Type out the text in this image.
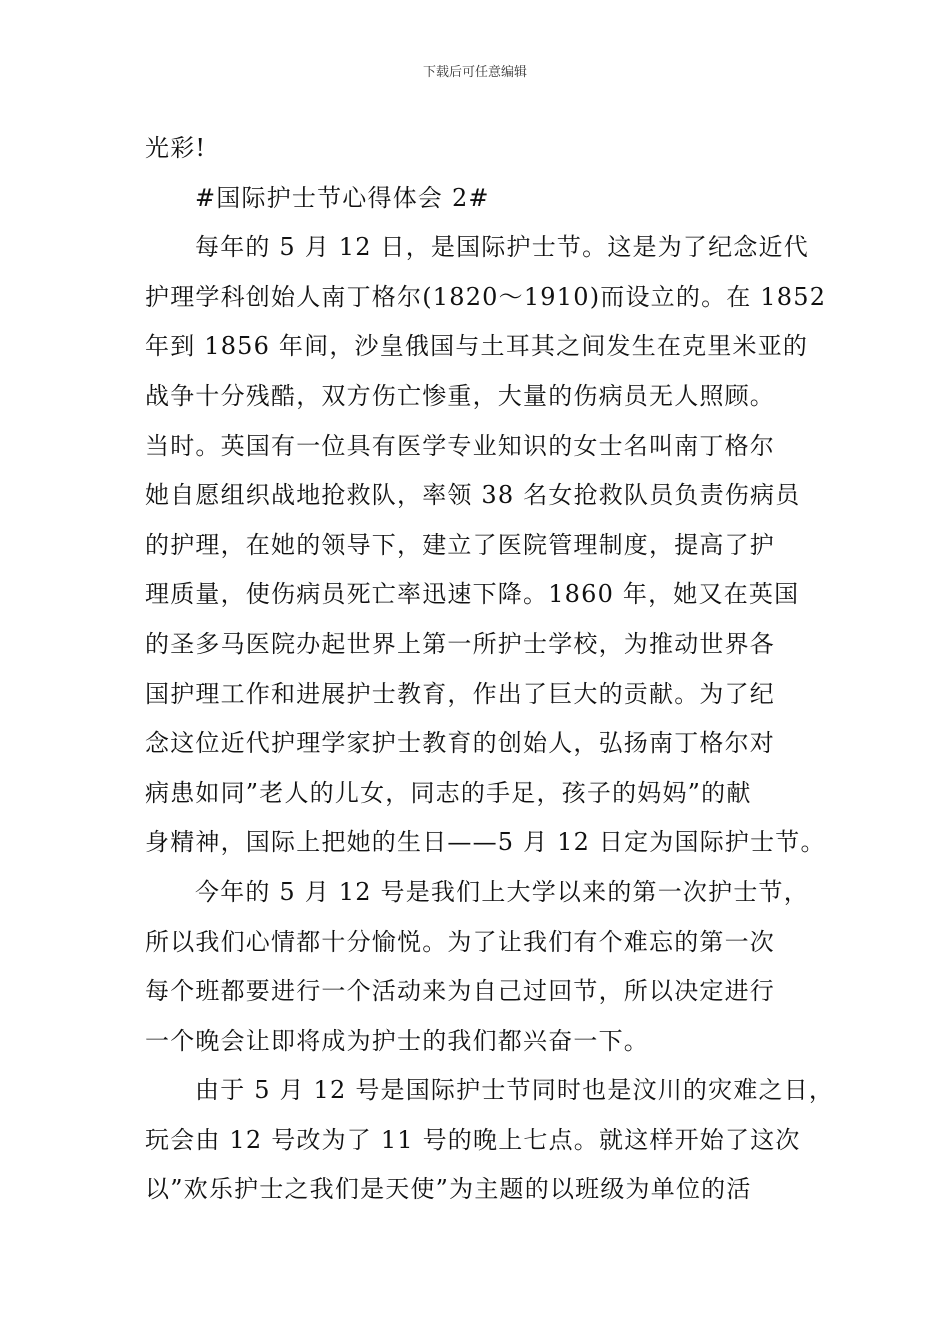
下载后可任意编辑
光彩!
#国际护士节心得体会 2#
每年的 5 月 12 日，是国际护士节。这是为了纪念近代
护理学科创始人南丁格尔(1820～1910)而设立的。在 1852
年到 1856 年间，沙皇俄国与土耳其之间发生在克里米亚的
战争十分残酷，双方伤亡惨重，大量的伤病员无人照顾。
当时。英国有一位具有医学专业知识的女士名叫南丁格尔
她自愿组织战地抢救队，率领 38 名女抢救队员负责伤病员
的护理，在她的领导下，建立了医院管理制度，提高了护
理质量，使伤病员死亡率迅速下降。1860 年，她又在英国
的圣多马医院办起世界上第一所护士学校，为推动世界各
国护理工作和进展护士教育，作出了巨大的贡献。为了纪
念这位近代护理学家护士教育的创始人，弘扬南丁格尔对
病患如同”老人的儿女，同志的手足，孩子的妈妈”的献
身精神，国际上把她的生日——5 月 12 日定为国际护士节。
今年的 5 月 12 号是我们上大学以来的第一次护士节，
所以我们心情都十分愉悦。为了让我们有个难忘的第一次
每个班都要进行一个活动来为自己过回节，所以决定进行
一个晚会让即将成为护士的我们都兴奋一下。
由于 5 月 12 号是国际护士节同时也是汶川的灾难之日，
玩会由 12 号改为了 11 号的晚上七点。就这样开始了这次
以”欢乐护士之我们是天使”为主题的以班级为单位的活
